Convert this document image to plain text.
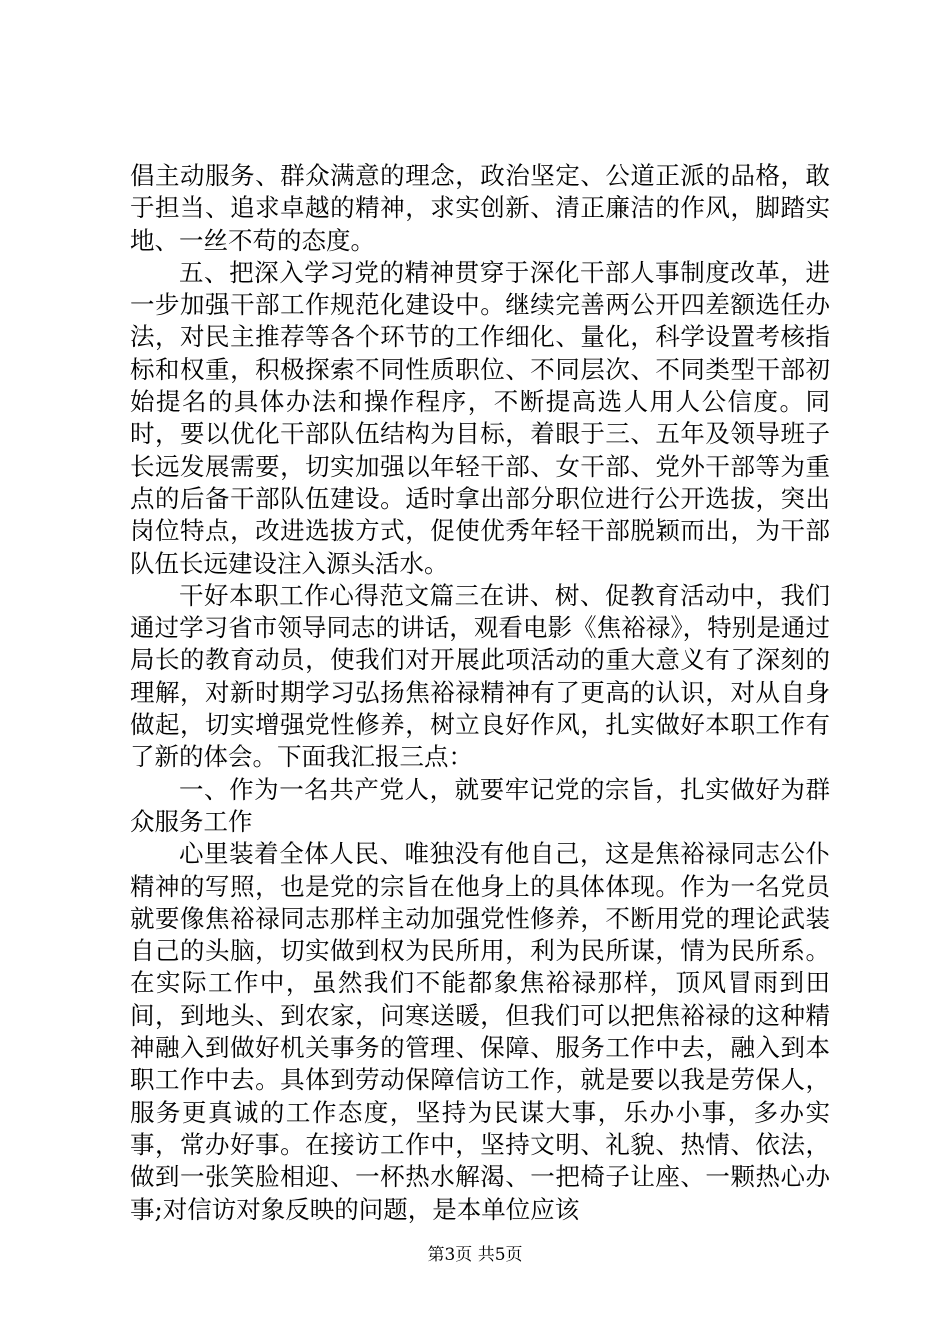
倡主动服务、群众满意的理念，政治坚定、公道正派的品格，敢于担当、追求卓越的精神，求实创新、清正廉洁的作风，脚踏实地、一丝不苟的态度。

五、把深入学习党的精神贯穿于深化干部人事制度改革，进一步加强干部工作规范化建设中。继续完善两公开四差额选任办法，对民主推荐等各个环节的工作细化、量化，科学设置考核指标和权重，积极探索不同性质职位、不同层次、不同类型干部初始提名的具体办法和操作程序，不断提高选人用人公信度。同时，要以优化干部队伍结构为目标，着眼于三、五年及领导班子长远发展需要，切实加强以年轻干部、女干部、党外干部等为重点的后备干部队伍建设。适时拿出部分职位进行公开选拔，突出岗位特点，改进选拔方式，促使优秀年轻干部脱颖而出，为干部队伍长远建设注入源头活水。

干好本职工作心得范文篇三在讲、树、促教育活动中，我们通过学习省市领导同志的讲话，观看电影《焦裕禄》，特别是通过局长的教育动员，使我们对开展此项活动的重大意义有了深刻的理解，对新时期学习弘扬焦裕禄精神有了更高的认识，对从自身做起，切实增强党性修养，树立良好作风，扎实做好本职工作有了新的体会。下面我汇报三点：

一、作为一名共产党人，就要牢记党的宗旨，扎实做好为群众服务工作

心里装着全体人民、唯独没有他自己，这是焦裕禄同志公仆精神的写照，也是党的宗旨在他身上的具体体现。作为一名党员就要像焦裕禄同志那样主动加强党性修养，不断用党的理论武装自己的头脑，切实做到权为民所用，利为民所谋，情为民所系。在实际工作中，虽然我们不能都象焦裕禄那样，顶风冒雨到田间，到地头、到农家，问寒送暖，但我们可以把焦裕禄的这种精神融入到做好机关事务的管理、保障、服务工作中去，融入到本职工作中去。具体到劳动保障信访工作，就是要以我是劳保人，服务更真诚的工作态度，坚持为民谋大事，乐办小事，多办实事，常办好事。在接访工作中，坚持文明、礼貌、热情、依法，做到一张笑脸相迎、一杯热水解渴、一把椅子让座、一颗热心办事;对信访对象反映的问题，是本单位应该

第3页 共5页
